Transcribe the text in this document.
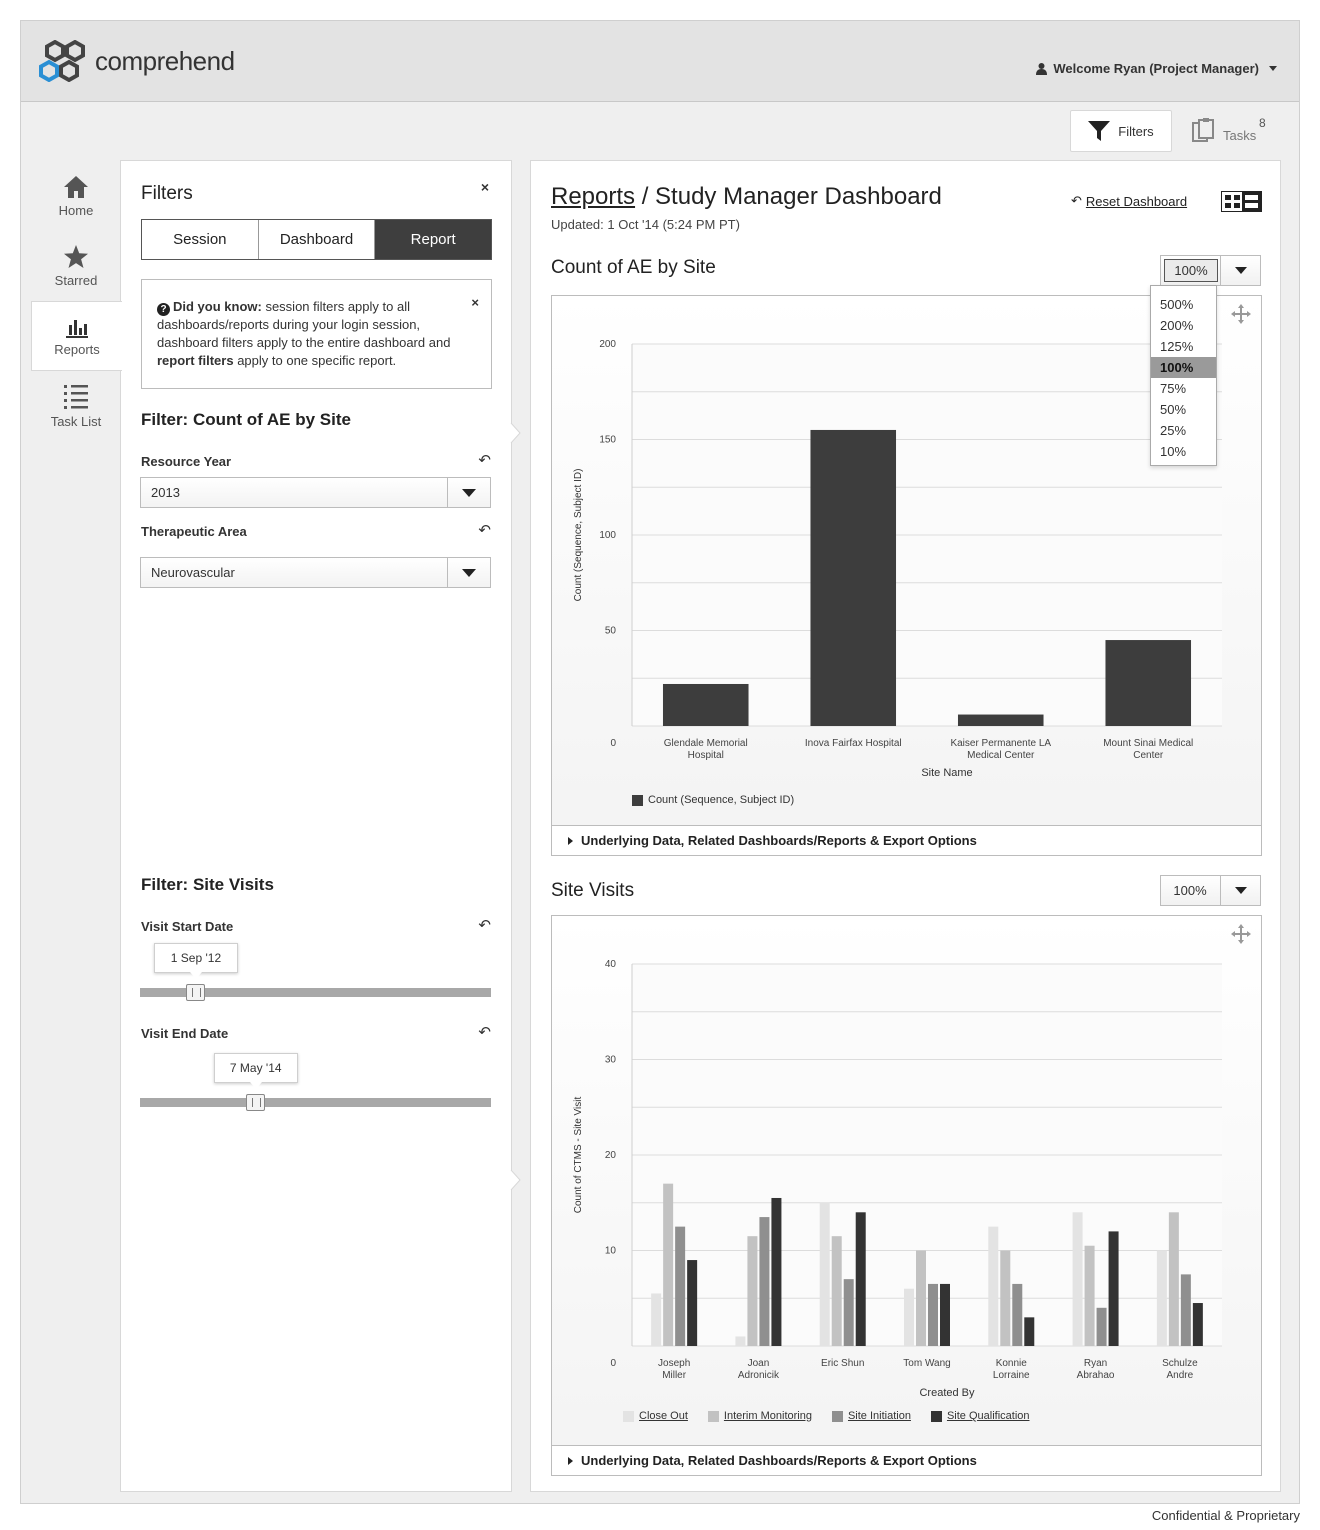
comprehend	Welcome Ryan (Project Manager)
Filters	Tasks
8
Home
Starred
Reports
Task List
Filters	×
Session	Dashboard	Report
×
? Did you know: session filters apply to all dashboards/reports during your login session, dashboard filters apply to the entire dashboard and report filters apply to one specific report.
Filter: Count of AE by Site
Resource Year	↶
2013
Therapeutic Area	↶
Neurovascular
Filter: Site Visits
Visit Start Date	↶
1 Sep '12
Visit End Date	↶
7 May '14
Reports / Study Manager Dashboard
Updated: 1 Oct '14 (5:24 PM PT)
↶ Reset Dashboard
Count of AE by Site	100%
0
50
100
150
200
Count (Sequence, Subject ID)
Glendale Memorial
Hospital
Inova Fairfax Hospital	Kaiser Permanente LA
Medical Center
Mount Sinai Medical
Center
Site Name
Count (Sequence, Subject ID)
Underlying Data, Related Dashboards/Reports & Export Options
Site Visits	100%
0
10
20
30
40
Count of CTMS - Site Visit
Joseph
Miller
Joan
Adronicik
Eric Shun	Tom Wang	Konnie
Lorraine
Ryan
Abrahao
Schulze
Andre
Created By
Close Out	Interim Monitoring	Site Initiation	Site Qualification
Underlying Data, Related Dashboards/Reports & Export Options
500%
200%
125%
100%
75%
50%
25%
10%
Confidential & Proprietary
